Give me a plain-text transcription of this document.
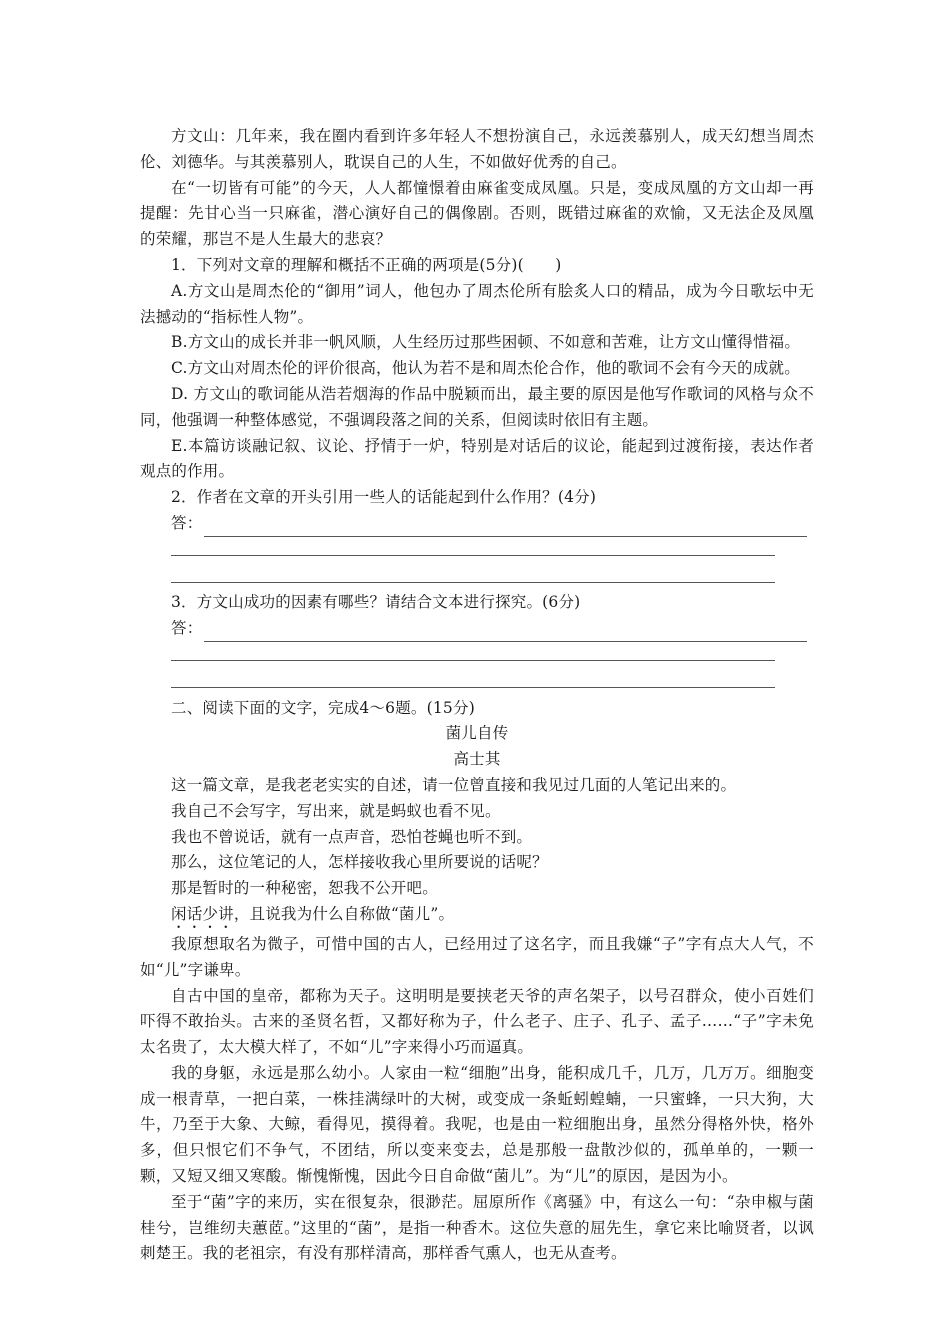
方文山：几年来，我在圈内看到许多年轻人不想扮演自己，永远羡慕别人，成天幻想当周杰伦、刘德华。与其羡慕别人，耽误自己的人生，不如做好优秀的自己。

在“一切皆有可能”的今天，人人都憧憬着由麻雀变成凤凰。只是，变成凤凰的方文山却一再提醒：先甘心当一只麻雀，潜心演好自己的偶像剧。否则，既错过麻雀的欢愉，又无法企及凤凰的荣耀，那岂不是人生最大的悲哀？

1．下列对文章的理解和概括不正确的两项是(5分)(　　)

A.方文山是周杰伦的“御用”词人，他包办了周杰伦所有脍炙人口的精品，成为今日歌坛中无法撼动的“指标性人物”。

B.方文山的成长并非一帆风顺，人生经历过那些困顿、不如意和苦难，让方文山懂得惜福。

C.方文山对周杰伦的评价很高，他认为若不是和周杰伦合作，他的歌词不会有今天的成就。

D. 方文山的歌词能从浩若烟海的作品中脱颖而出，最主要的原因是他写作歌词的风格与众不同，他强调一种整体感觉，不强调段落之间的关系，但阅读时依旧有主题。

E.本篇访谈融记叙、议论、抒情于一炉，特别是对话后的议论，能起到过渡衔接，表达作者观点的作用。

2．作者在文章的开头引用一些人的话能起到什么作用？(4分)

答：

3．方文山成功的因素有哪些？请结合文本进行探究。(6分)

答：

二、阅读下面的文字，完成4～6题。(15分)

菌儿自传

高士其

这一篇文章，是我老老实实的自述，请一位曾直接和我见过几面的人笔记出来的。

我自己不会写字，写出来，就是蚂蚁也看不见。

我也不曾说话，就有一点声音，恐怕苍蝇也听不到。

那么，这位笔记的人，怎样接收我心里所要说的话呢？

那是暂时的一种秘密，恕我不公开吧。

闲话少讲，且说我为什么自称做“菌儿”。

我原想取名为微子，可惜中国的古人，已经用过了这名字，而且我嫌“子”字有点大人气，不如“儿”字谦卑。

自古中国的皇帝，都称为天子。这明明是要挟老天爷的声名架子，以号召群众，使小百姓们吓得不敢抬头。古来的圣贤名哲，又都好称为子，什么老子、庄子、孔子、孟子……“子”字未免太名贵了，太大模大样了，不如“儿”字来得小巧而逼真。

我的身躯，永远是那么幼小。人家由一粒“细胞”出身，能积成几千，几万，几万万。细胞变成一根青草，一把白菜，一株挂满绿叶的大树，或变成一条蚯蚓蝗蝻，一只蜜蜂，一只大狗，大牛，乃至于大象、大鲸，看得见，摸得着。我呢，也是由一粒细胞出身，虽然分得格外快，格外多，但只恨它们不争气，不团结，所以变来变去，总是那般一盘散沙似的，孤单单的，一颗一颗，又短又细又寒酸。惭愧惭愧，因此今日自命做“菌儿”。为“儿”的原因，是因为小。

至于“菌”字的来历，实在很复杂，很渺茫。屈原所作《离骚》中，有这么一句：“杂申椒与菌桂兮，岂维纫夫蕙茝。”这里的“菌”，是指一种香木。这位失意的屈先生，拿它来比喻贤者，以讽刺楚王。我的老祖宗，有没有那样清高，那样香气熏人，也无从查考。
